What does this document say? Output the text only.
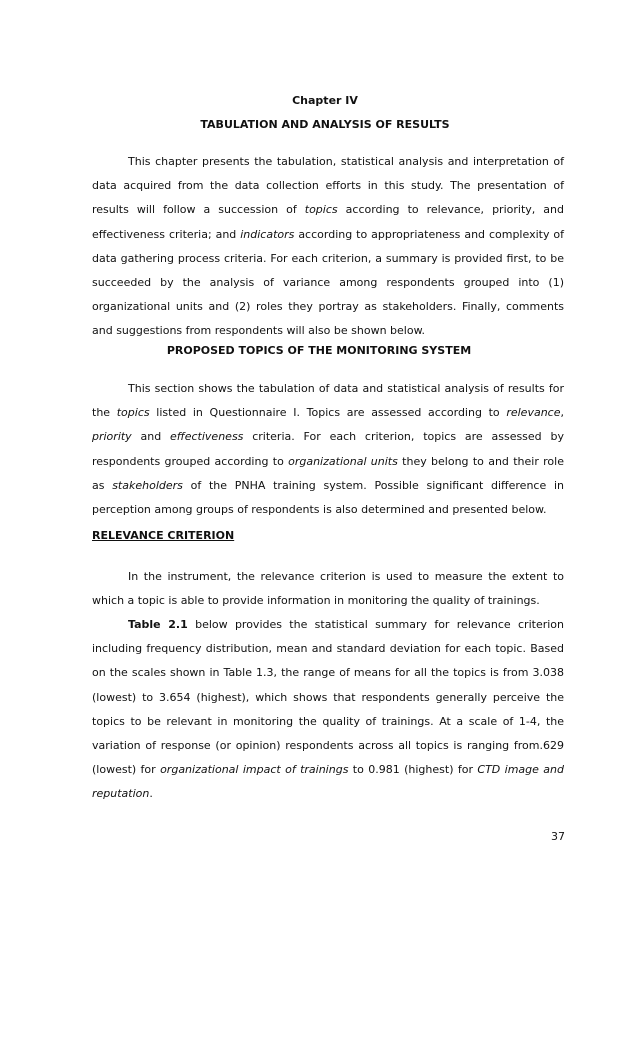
Chapter IV
TABULATION AND ANALYSIS OF RESULTS

This chapter presents the tabulation, statistical analysis and interpretation of data acquired from the data collection efforts in this study. The presentation of results will follow a succession of topics according to relevance, priority, and effectiveness criteria; and indicators according to appropriateness and complexity of data gathering process criteria. For each criterion, a summary is provided first, to be succeeded by the analysis of variance among respondents grouped into (1) organizational units and (2) roles they portray as stakeholders. Finally, comments and suggestions from respondents will also be shown below.

PROPOSED TOPICS OF THE MONITORING SYSTEM

This section shows the tabulation of data and statistical analysis of results for the topics listed in Questionnaire I. Topics are assessed according to relevance, priority and effectiveness criteria. For each criterion, topics are assessed by respondents grouped according to organizational units they belong to and their role as stakeholders of the PNHA training system. Possible significant difference in perception among groups of respondents is also determined and presented below.

RELEVANCE CRITERION

In the instrument, the relevance criterion is used to measure the extent to which a topic is able to provide information in monitoring the quality of trainings.

Table 2.1 below provides the statistical summary for relevance criterion including frequency distribution, mean and standard deviation for each topic. Based on the scales shown in Table 1.3, the range of means for all the topics is from 3.038 (lowest) to 3.654 (highest), which shows that respondents generally perceive the topics to be relevant in monitoring the quality of trainings. At a scale of 1-4, the variation of response (or opinion) respondents across all topics is ranging from.629 (lowest) for organizational impact of trainings to 0.981 (highest) for CTD image and reputation.

37
